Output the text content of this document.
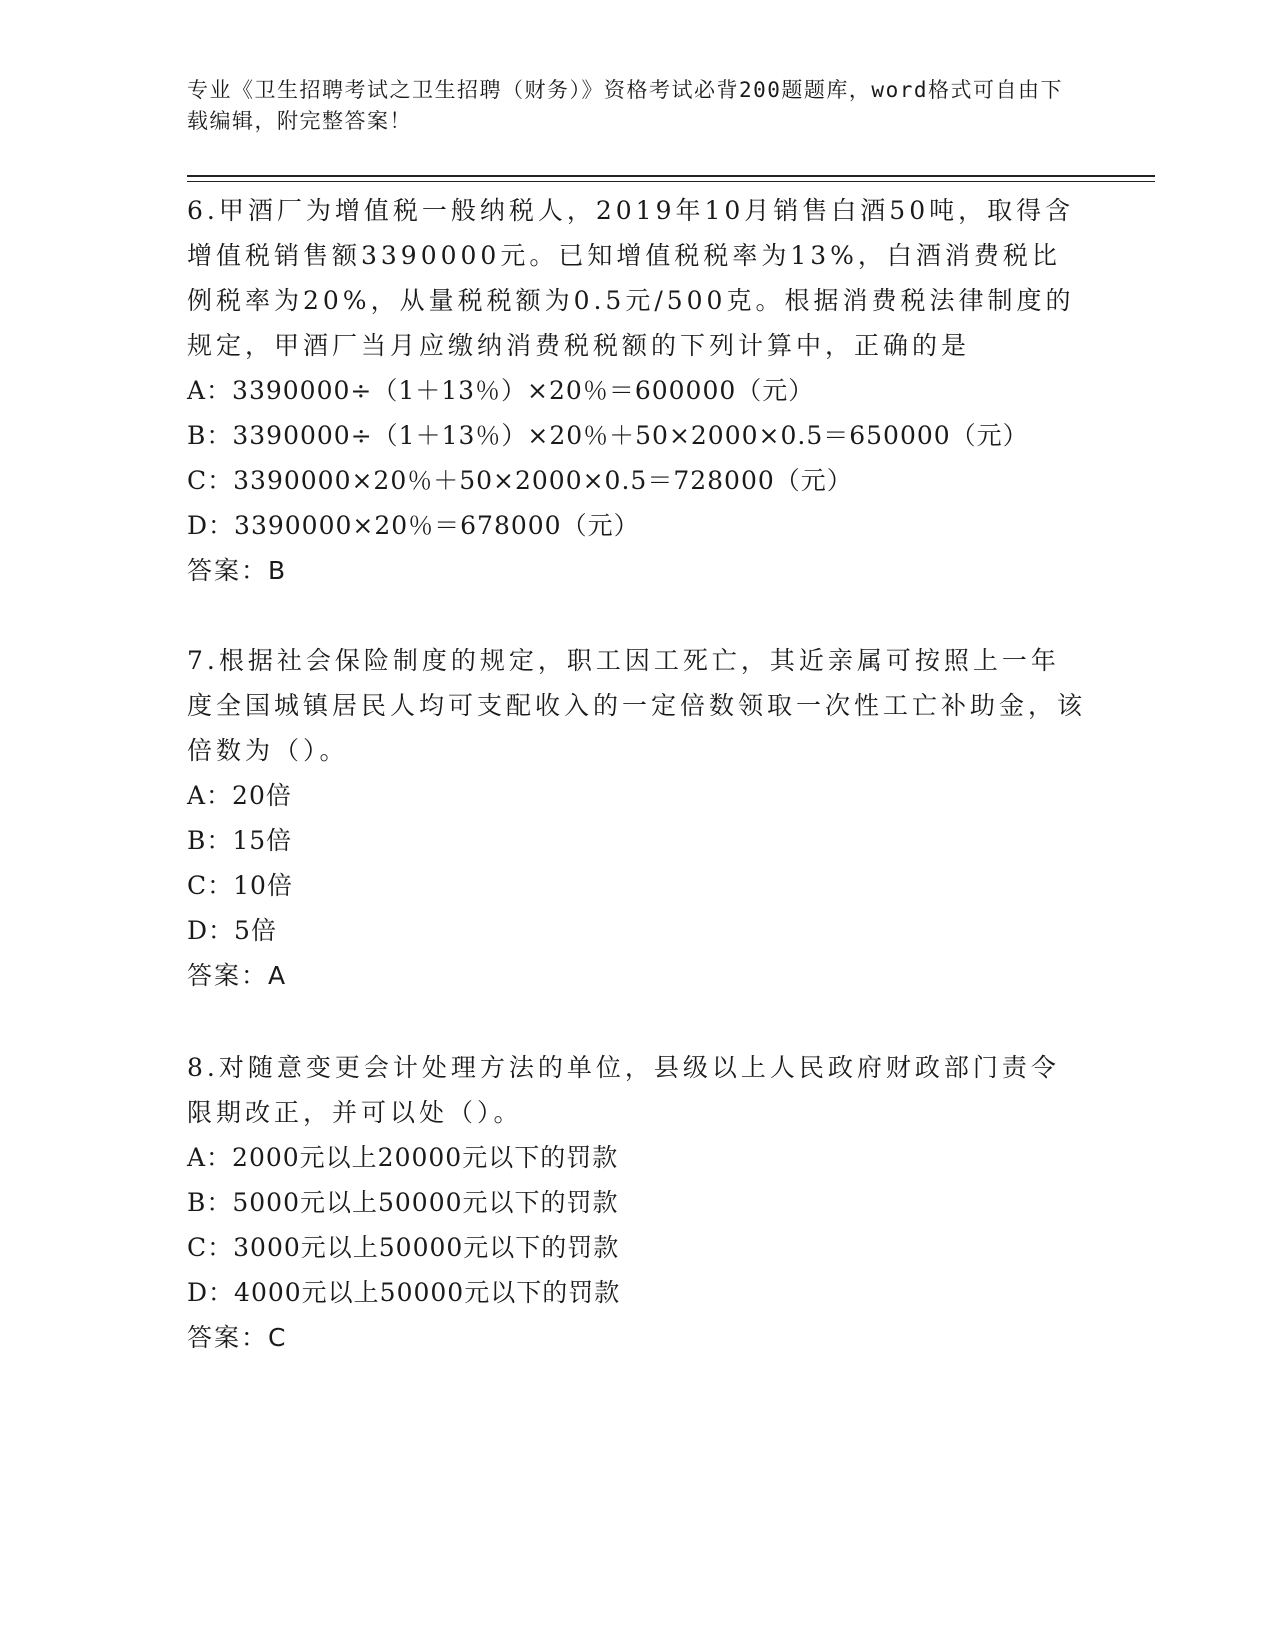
专业《卫生招聘考试之卫生招聘（财务）》资格考试必背200题题库，word格式可自由下载编辑，附完整答案！
6.甲酒厂为增值税一般纳税人，2019年10月销售白酒50吨，取得含增值税销售额3390000元。已知增值税税率为13%，白酒消费税比例税率为20%，从量税税额为0.5元/500克。根据消费税法律制度的规定，甲酒厂当月应缴纳消费税税额的下列计算中，正确的是
A：3390000÷（1＋13％）×20％＝600000（元）
B：3390000÷（1＋13％）×20％＋50×2000×0.5＝650000（元）
C：3390000×20％＋50×2000×0.5＝728000（元）
D：3390000×20％＝678000（元）
答案：B
7.根据社会保险制度的规定，职工因工死亡，其近亲属可按照上一年度全国城镇居民人均可支配收入的一定倍数领取一次性工亡补助金，该倍数为（）。
A：20倍
B：15倍
C：10倍
D：5倍
答案：A
8.对随意变更会计处理方法的单位，县级以上人民政府财政部门责令限期改正，并可以处（）。
A：2000元以上20000元以下的罚款
B：5000元以上50000元以下的罚款
C：3000元以上50000元以下的罚款
D：4000元以上50000元以下的罚款
答案：C
